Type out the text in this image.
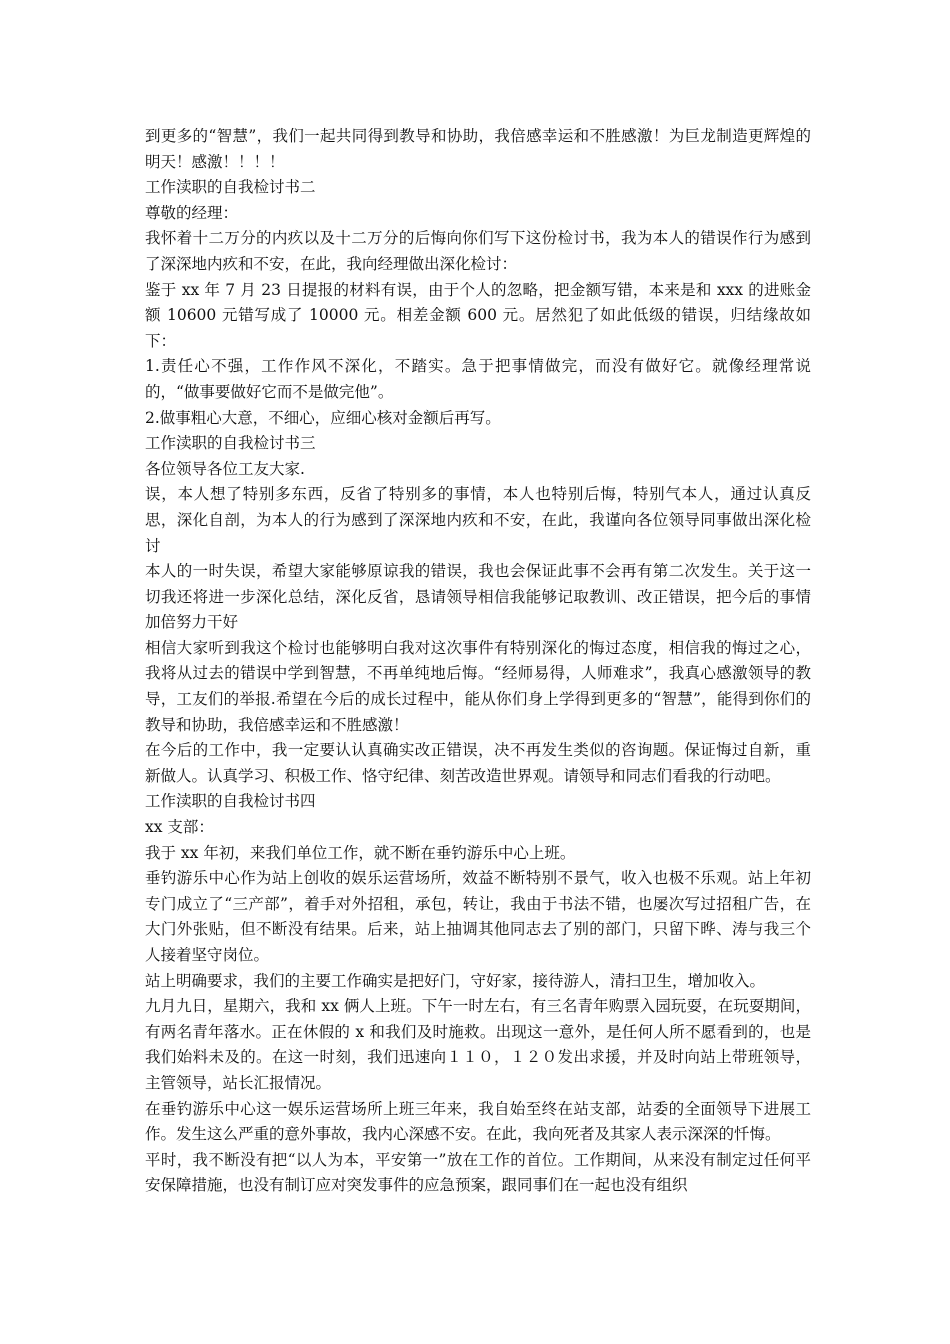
到更多的“智慧”，我们一起共同得到教导和协助，我倍感幸运和不胜感激！为巨龙制造更辉煌的明天！感激！！！！

工作渎职的自我检讨书二

尊敬的经理：

我怀着十二万分的内疚以及十二万分的后悔向你们写下这份检讨书，我为本人的错误作行为感到了深深地内疚和不安，在此，我向经理做出深化检讨：

鉴于 xx 年 7 月 23 日提报的材料有误，由于个人的忽略，把金额写错，本来是和 xxx 的进账金额 10600 元错写成了 10000 元。相差金额 600 元。居然犯了如此低级的错误，归结缘故如下：

1.责任心不强，工作作风不深化，不踏实。急于把事情做完，而没有做好它。就像经理常说的，“做事要做好它而不是做完他”。

2.做事粗心大意，不细心，应细心核对金额后再写。

工作渎职的自我检讨书三

各位领导各位工友大家.

误，本人想了特别多东西，反省了特别多的事情，本人也特别后悔，特别气本人，通过认真反思，深化自剖，为本人的行为感到了深深地内疚和不安，在此，我谨向各位领导同事做出深化检讨

本人的一时失误，希望大家能够原谅我的错误，我也会保证此事不会再有第二次发生。关于这一切我还将进一步深化总结，深化反省，恳请领导相信我能够记取教训、改正错误，把今后的事情加倍努力干好

相信大家听到我这个检讨也能够明白我对这次事件有特别深化的悔过态度，相信我的悔过之心， 我将从过去的错误中学到智慧，不再单纯地后悔。“经师易得，人师难求”，我真心感激领导的教导，工友们的举报.希望在今后的成长过程中，能从你们身上学得到更多的“智慧”，能得到你们的教导和协助，我倍感幸运和不胜感激！

在今后的工作中，我一定要认认真确实改正错误，决不再发生类似的咨询题。保证悔过自新，重新做人。认真学习、积极工作、恪守纪律、刻苦改造世界观。请领导和同志们看我的行动吧。

工作渎职的自我检讨书四

xx 支部：

我于 xx 年初，来我们单位工作，就不断在垂钓游乐中心上班。

垂钓游乐中心作为站上创收的娱乐运营场所，效益不断特别不景气，收入也极不乐观。站上年初专门成立了“三产部”，着手对外招租，承包，转让，我由于书法不错，也屡次写过招租广告，在大门外张贴，但不断没有结果。后来，站上抽调其他同志去了别的部门，只留下晔、涛与我三个人接着坚守岗位。

站上明确要求，我们的主要工作确实是把好门，守好家，接待游人，清扫卫生，增加收入。

九月九日，星期六，我和 xx 俩人上班。下午一时左右，有三名青年购票入园玩耍，在玩耍期间，有两名青年落水。正在休假的 x 和我们及时施救。出现这一意外，是任何人所不愿看到的，也是我们始料未及的。在这一时刻，我们迅速向１１０，１２０发出求援，并及时向站上带班领导，主管领导，站长汇报情况。

在垂钓游乐中心这一娱乐运营场所上班三年来，我自始至终在站支部，站委的全面领导下进展工作。发生这么严重的意外事故，我内心深感不安。在此，我向死者及其家人表示深深的忏悔。

平时，我不断没有把“以人为本，平安第一”放在工作的首位。工作期间，从来没有制定过任何平安保障措施，也没有制订应对突发事件的应急预案，跟同事们在一起也没有组织
